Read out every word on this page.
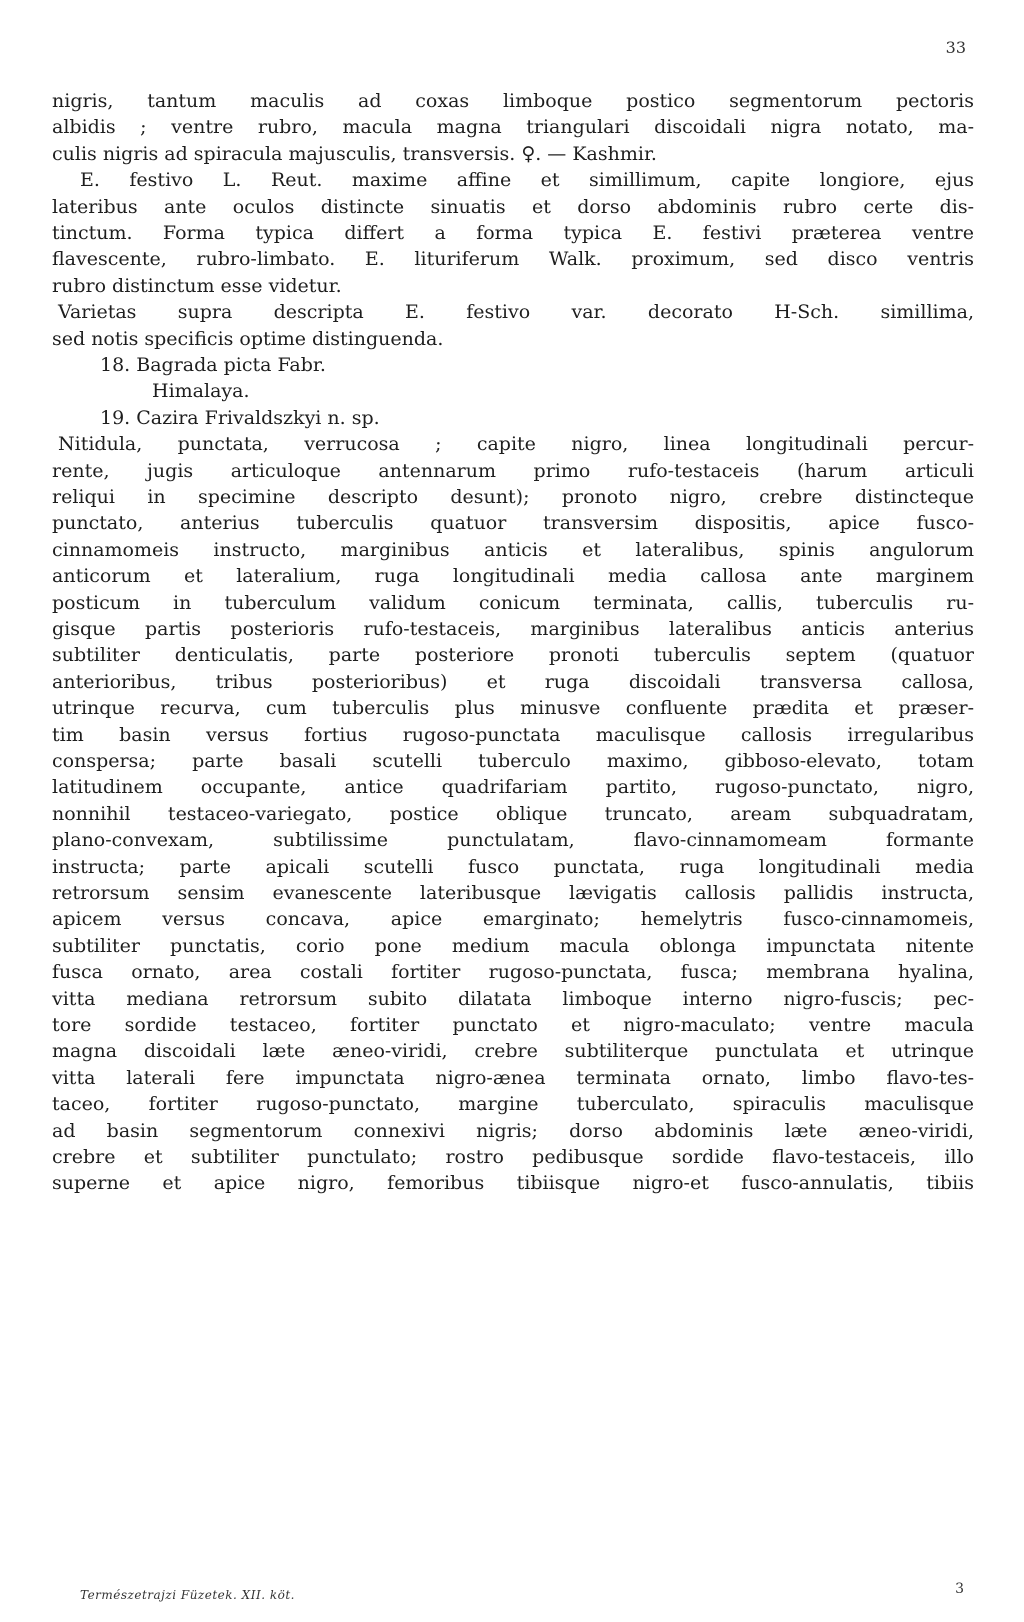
33
nigris, tantum maculis ad coxas limboque postico segmentorum pectoris
albidis ; ventre rubro, macula magna triangulari discoidali nigra notato, ma-
culis nigris ad spiracula majusculis, transversis. ♀. — Kashmir.
E. festivo L. Reut. maxime affine et simillimum, capite longiore, ejus
lateribus ante oculos distincte sinuatis et dorso abdominis rubro certe dis-
tinctum. Forma typica differt a forma typica E. festivi præterea ventre
flavescente, rubro-limbato. E. lituriferum Walk. proximum, sed disco ventris
rubro distinctum esse videtur.
Varietas supra descripta E. festivo var. decorato H-Sch. simillima,
sed notis specificis optime distinguenda.
18. Bagrada picta Fabr.
Himalaya.
19. Cazira Frivaldszkyi n. sp.
Nitidula, punctata, verrucosa ; capite nigro, linea longitudinali percur-
rente, jugis articuloque antennarum primo rufo-testaceis (harum articuli
reliqui in specimine descripto desunt); pronoto nigro, crebre distincteque
punctato, anterius tuberculis quatuor transversim dispositis, apice fusco-
cinnamomeis instructo, marginibus anticis et lateralibus, spinis angulorum
anticorum et lateralium, ruga longitudinali media callosa ante marginem
posticum in tuberculum validum conicum terminata, callis, tuberculis ru-
gisque partis posterioris rufo-testaceis, marginibus lateralibus anticis anterius
subtiliter denticulatis, parte posteriore pronoti tuberculis septem (quatuor
anterioribus, tribus posterioribus) et ruga discoidali transversa callosa,
utrinque recurva, cum tuberculis plus minusve confluente prædita et præser-
tim basin versus fortius rugoso-punctata maculisque callosis irregularibus
conspersa; parte basali scutelli tuberculo maximo, gibboso-elevato, totam
latitudinem occupante, antice quadrifariam partito, rugoso-punctato, nigro,
nonnihil testaceo-variegato, postice oblique truncato, aream subquadratam,
plano-convexam, subtilissime punctulatam, flavo-cinnamomeam formante
instructa; parte apicali scutelli fusco punctata, ruga longitudinali media
retrorsum sensim evanescente lateribusque lævigatis callosis pallidis instructa,
apicem versus concava, apice emarginato; hemelytris fusco-cinnamomeis,
subtiliter punctatis, corio pone medium macula oblonga impunctata nitente
fusca ornato, area costali fortiter rugoso-punctata, fusca; membrana hyalina,
vitta mediana retrorsum subito dilatata limboque interno nigro-fuscis; pec-
tore sordide testaceo, fortiter punctato et nigro-maculato; ventre macula
magna discoidali læte æneo-viridi, crebre subtiliterque punctulata et utrinque
vitta laterali fere impunctata nigro-ænea terminata ornato, limbo flavo-tes-
taceo, fortiter rugoso-punctato, margine tuberculato, spiraculis maculisque
ad basin segmentorum connexivi nigris; dorso abdominis læte æneo-viridi,
crebre et subtiliter punctulato; rostro pedibusque sordide flavo-testaceis, illo
superne et apice nigro, femoribus tibiisque nigro-et fusco-annulatis, tibiis
Természetrajzi Füzetek. XII. köt.	3
